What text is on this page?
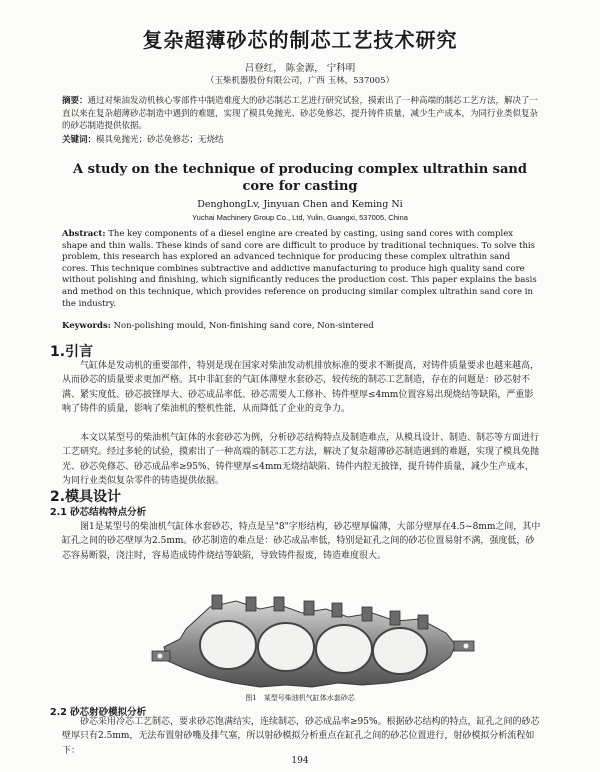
复杂超薄砂芯的制芯工艺技术研究
吕登红， 陈金源， 宁科明
（玉柴机器股份有限公司，广西 玉林，537005）
摘要：通过对柴油发动机核心零部件中制造难度大的砂芯制芯工艺进行研究试验，摸索出了一种高端的制芯工艺方法，解决了一直以来在复杂超薄砂芯制造中遇到的难题，实现了模具免抛光、砂芯免修芯，提升铸件质量，减少生产成本，为同行业类似复杂的砂芯制造提供依据。
关键词：模具免抛光；砂芯免修芯；无烧结
A study on the technique of producing complex ultrathin sand core for casting
DenghongLv, Jinyuan Chen and Keming Ni
Yuchai Machinery Group Co., Ltd, Yulin, Guangxi, 537005, China
Abstract: The key components of a diesel engine are created by casting, using sand cores with complex shape and thin walls. These kinds of sand core are difficult to produce by traditional techniques. To solve this problem, this research has explored an advanced technique for producing these complex ultrathin sand cores. This technique combines subtractive and addictive manufacturing to produce high quality sand core without polishing and finishing, which significantly reduces the production cost. This paper explains the basis and method on this technique, which provides reference on producing similar complex ultrathin sand core in the industry.
Keywords: Non-polishing mould, Non-finishing sand core, Non-sintered
1.引言
气缸体是发动机的重要部件，特别是现在国家对柴油发动机排放标准的要求不断提高，对铸件质量要求也越来越高，从而砂芯的质量要求更加严格。其中非缸套的气缸体薄壁水套砂芯，较传统的制芯工艺制造，存在的问题是：砂芯射不满、紧实度低、砂芯披锋厚大、砂芯成品率低、砂芯需要人工修补、铸件壁厚≤4mm位置容易出现烧结等缺陷，严重影响了铸件的质量，影响了柴油机的整机性能，从而降低了企业的竞争力。
本文以某型号的柴油机气缸体的水套砂芯为例，分析砂芯结构特点及制造难点，从模具设计、制造、制芯等方面进行工艺研究。经过多轮的试验，摸索出了一种高端的制芯工艺方法，解决了复杂超薄砂芯制造遇到的难题，实现了模具免抛光、砂芯免修芯、砂芯成品率≥95%、铸件壁厚≤4mm无烧结缺陷、铸件内腔无披锋，提升铸件质量，减少生产成本，为同行业类似复杂零件的铸造提供依据。
2.模具设计
2.1 砂芯结构特点分析
图1是某型号的柴油机气缸体水套砂芯，特点是呈"8"字形结构，砂芯壁厚偏薄，大部分壁厚在4.5~8mm之间，其中缸孔之间的砂芯壁厚为2.5mm。砂芯制造的难点是：砂芯成品率低，特别是缸孔之间的砂芯位置易射不满，强度低，砂芯容易断裂，浇注时，容易造成铸件烧结等缺陷，导致铸件报废，铸造难度很大。
图1　某型号柴油机气缸体水套砂芯
2.2 砂芯射砂模拟分析
砂芯采用冷芯工艺制芯，要求砂芯饱满结实，连续制芯，砂芯成品率≥95%。根据砂芯结构的特点，缸孔之间的砂芯壁厚只有2.5mm，无法布置射砂嘴及排气塞，所以射砂模拟分析重点在缸孔之间的砂芯位置进行，射砂模拟分析流程如下：
194
